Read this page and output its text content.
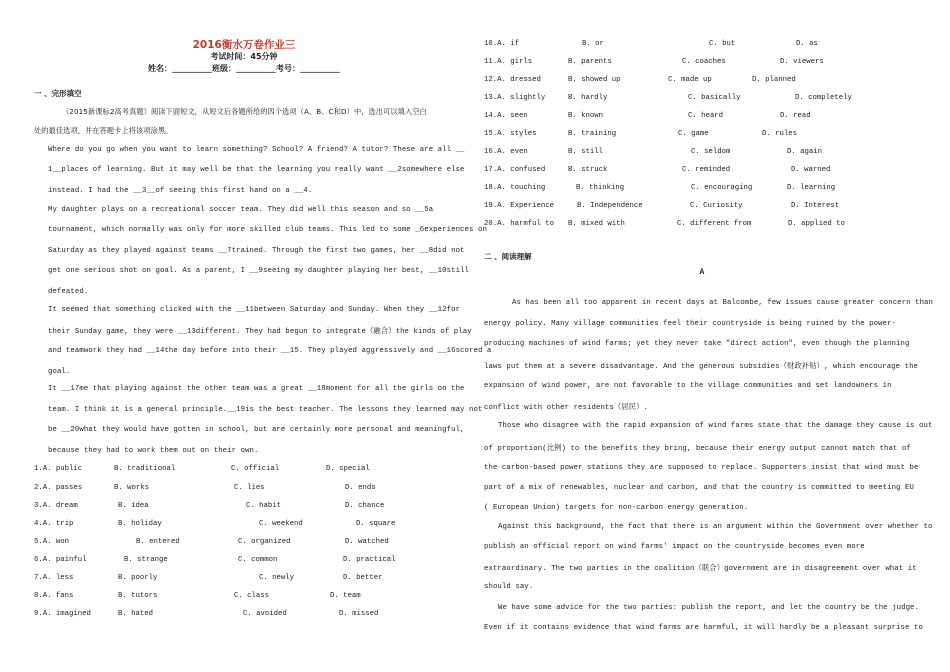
2016衡水万卷作业三
考试时间：45分钟
姓名：__________班级：__________考号：__________
一 、完形填空
（2015新课标2高考真题）阅读下面短文，从短文后各题所给的四个选项（A、B、C和D）中，选出可以填入空白
处的最佳选项，并在答题卡上将该项涂黑。
Where do you go when you want to learn something? School? A friend? A tutor? These are all __
1__places of learning. But it may well be that the learning you really want __2somewhere else
instead. I had the __3__of seeing this first hand on a __4.
My daughter plays on a recreational soccer team. They did well this season and so __5a
tournament, which normally was only for more skilled club teams. This led to some _6experiences on
Saturday as they played against teams __7trained. Through the first two games, her __8did not
get one serious shot on goal. As a parent, I __9seeing my daughter playing her best, __10still
defeated.
It seemed that something clicked with the __11between Saturday and Sunday. When they __12for
their Sunday game, they were __13different. They had begun to integrate（融合）the kinds of play
and teamwork they had __14the day before into their __15. They played aggressively and __16scored a
goal.
It __17me that playing against the other team was a great __18moment for all the girls on the
team. I think it is a general principle.__19is the best teacher. The lessons they learned may not
be __20what they would have gotten in school, but are certainly more personal and meaningful,
because they had to work them out on their own.
1.A. public	B. traditional	C. official	D. special
2.A. passes	B. works	C. lies	D. ends
3.A. dream	B. idea	C. habit	D. chance
4.A. trip	B. holiday	C. weekend	D. square
5.A. won	B. entered	C. organized	D. watched
6.A. painful	B. strange	C. common	D. practical
7.A. less	B. poorly	C. newly	D. better
8.A. fans	B. tutors	C. class	D. team
9.A. imagined	B. hated	C. avoided	D. missed
10.A. if	B. or	C. but	D. as
11.A. girls	B. parents	C. coaches	D. viewers
12.A. dressed	B. showed up	C. made up	D. planned
13.A. slightly	B. hardly	C. basically	D. completely
14.A. seen	B. known	C. heard	D. read
15.A. styles	B. training	C. game	D. rules
16.A. even	B. still	C. seldom	D. again
17.A. confused	B. struck	C. reminded	D. warned
18.A. touching	B. thinking	C. encouraging	D. learning
19.A. Experience	B. Independence	C. Curiosity	D. Interest
20.A. harmful to B. mixed with	C. different from	D. applied to
二 、阅读理解
A
As has been all too apparent in recent days at Balcombe, few issues cause greater concern than
energy policy. Many village communities feel their countryside is being ruined by the power-
producing machines of wind farms; yet they never take "direct action", even though the planning
laws put them at a severe disadvantage. And the generous subsidies（财政补贴）, which encourage the
expansion of wind power, are not favorable to the village communities and set landowners in
conflict with other residents（居民）.
Those who disagree with the rapid expansion of wind farms state that the damage they cause is out
of proportion(比例) to the benefits they bring, because their energy output cannot match that of
the carbon-based power stations they are supposed to replace. Supporters insist that wind must be
part of a mix of renewables, nuclear and carbon, and that the country is committed to meeting EU
( European Union) targets for non-carbon energy generation.
Against this background, the fact that there is an argument within the Government over whether to
publish an official report on wind farms' impact on the countryside becomes even more
extraordinary. The two parties in the coalition（联合）government are in disagreement over what it
should say.
We have some advice for the two parties: publish the report, and let the country be the judge.
Even if it contains evidence that wind farms are harmful, it will hardly be a pleasant surprise to
